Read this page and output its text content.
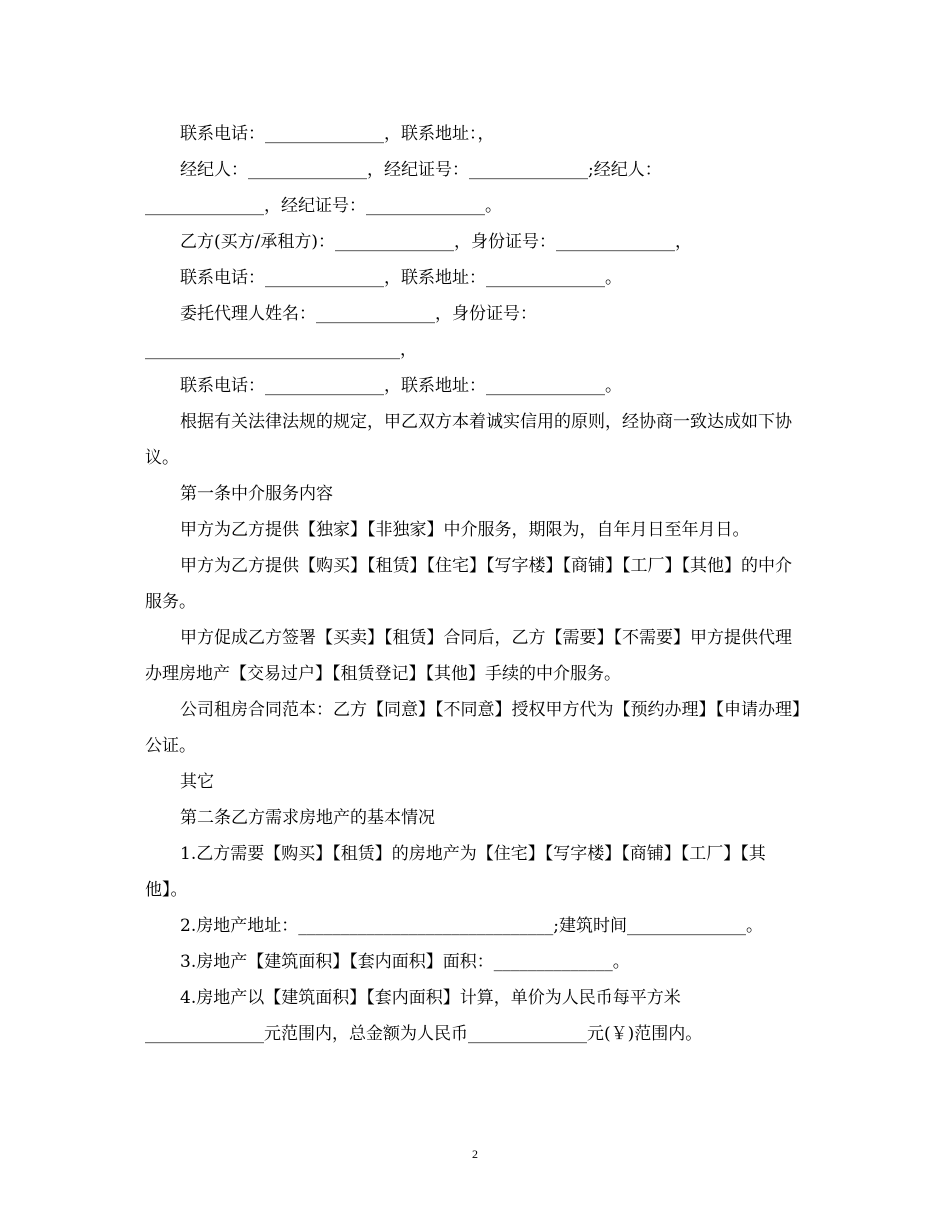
联系电话：______________，联系地址：，

经纪人：______________，经纪证号：______________;经纪人：

______________，经纪证号：______________。

乙方(买方/承租方)：______________，身份证号：______________，

联系电话：______________，联系地址：______________。

委托代理人姓名：______________，身份证号：

______________________________，

联系电话：______________，联系地址：______________。

根据有关法律法规的规定，甲乙双方本着诚实信用的原则，经协商一致达成如下协议。

第一条中介服务内容

甲方为乙方提供【独家】【非独家】中介服务，期限为，自年月日至年月日。

甲方为乙方提供【购买】【租赁】【住宅】【写字楼】【商铺】【工厂】【其他】的中介服务。

甲方促成乙方签署【买卖】【租赁】合同后，乙方【需要】【不需要】甲方提供代理办理房地产【交易过户】【租赁登记】【其他】手续的中介服务。

公司租房合同范本：乙方【同意】【不同意】授权甲方代为【预约办理】【申请办理】公证。

其它

第二条乙方需求房地产的基本情况

1.乙方需要【购买】【租赁】的房地产为【住宅】【写字楼】【商铺】【工厂】【其他】。

2.房地产地址：______________________________;建筑时间______________。

3.房地产【建筑面积】【套内面积】面积：______________。

4.房地产以【建筑面积】【套内面积】计算，单价为人民币每平方米

______________元范围内，总金额为人民币______________元(￥)范围内。

2
